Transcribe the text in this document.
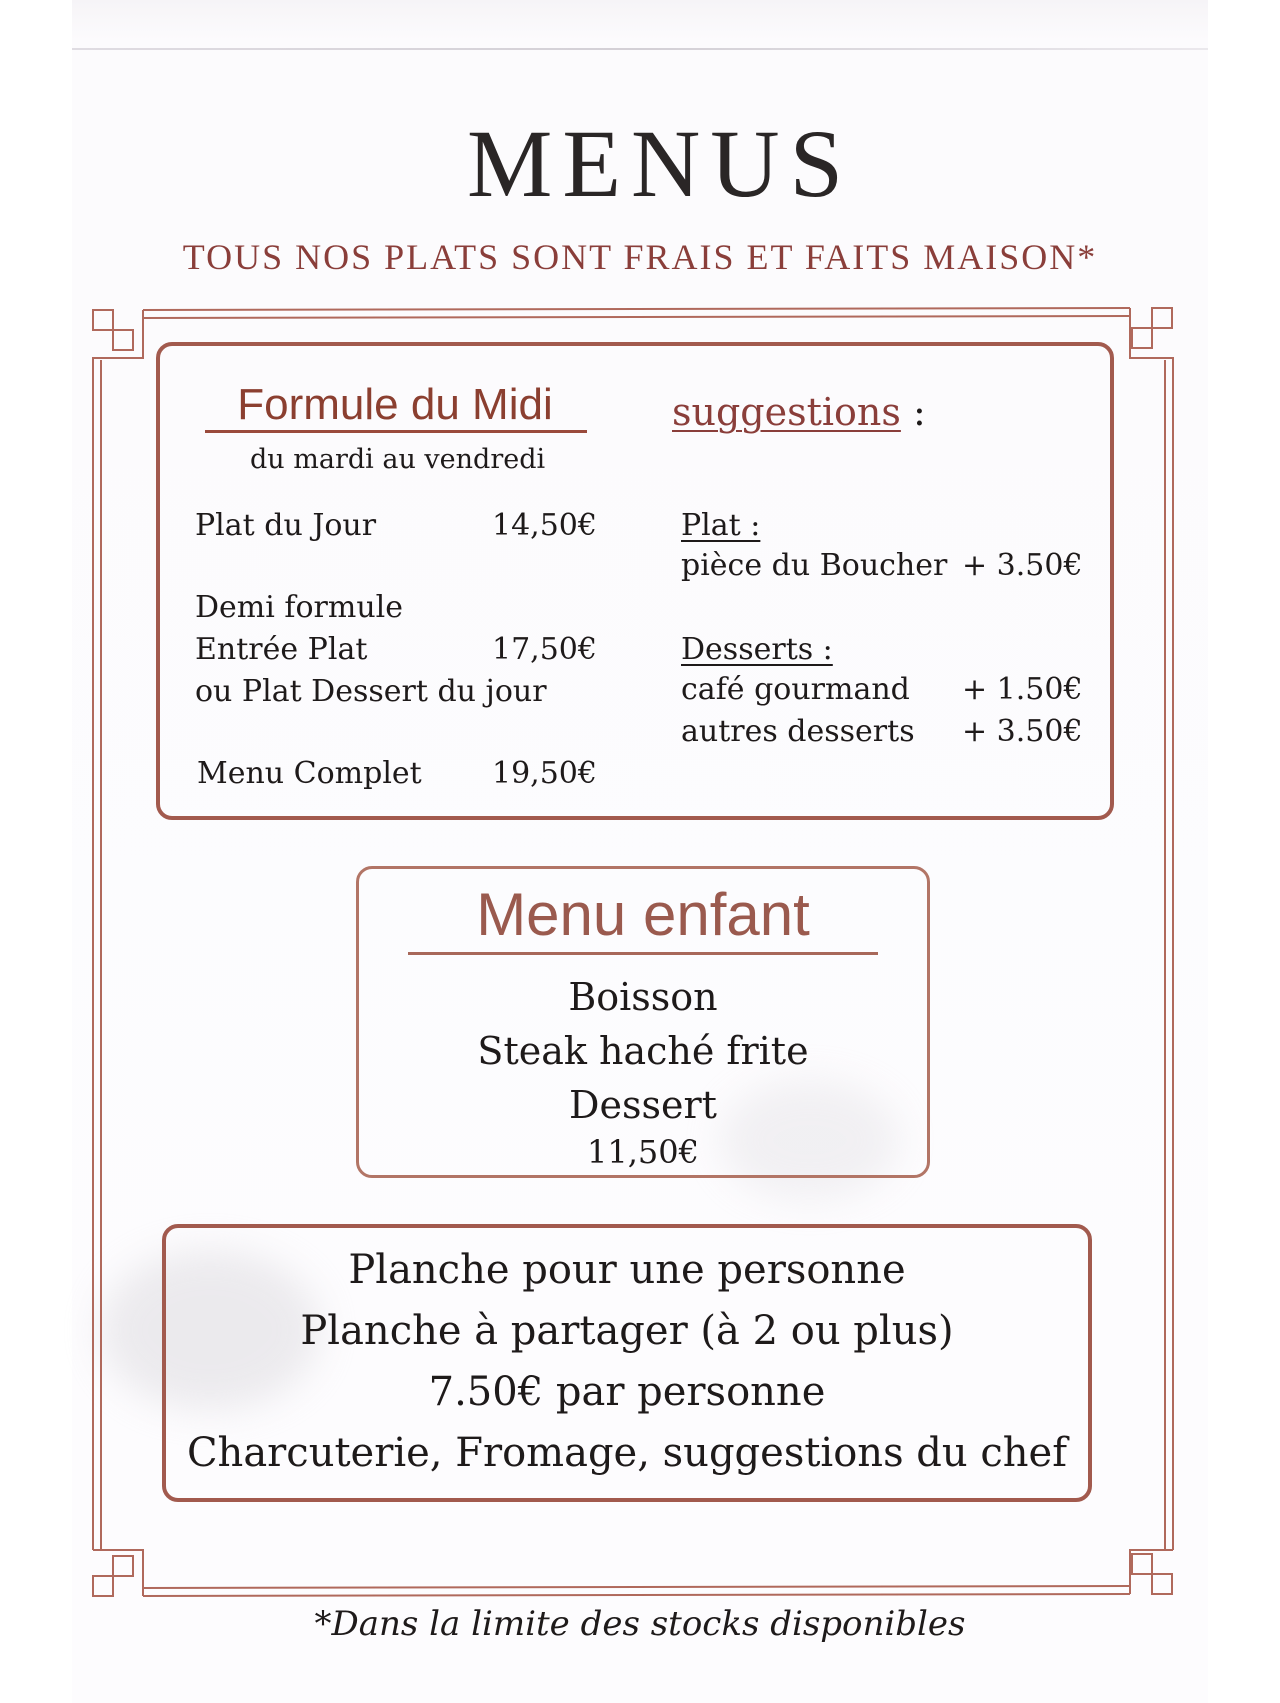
MENUS
TOUS NOS PLATS SONT FRAIS ET FAITS MAISON*
Formule du Midi
du mardi au vendredi
Plat du Jour	14,50€
Demi formule
Entrée Plat	17,50€
ou Plat Dessert du jour
Menu Complet 19,50€
suggestions :
Plat :
pièce du Boucher + 3.50€
Desserts :
café gourmand + 1.50€
autres desserts + 3.50€
Menu enfant
Boisson
Steak haché frite
Dessert
11,50€
Planche pour une personne
Planche à partager (à 2 ou plus)
7.50€ par personne
Charcuterie, Fromage, suggestions du chef
*Dans la limite des stocks disponibles
